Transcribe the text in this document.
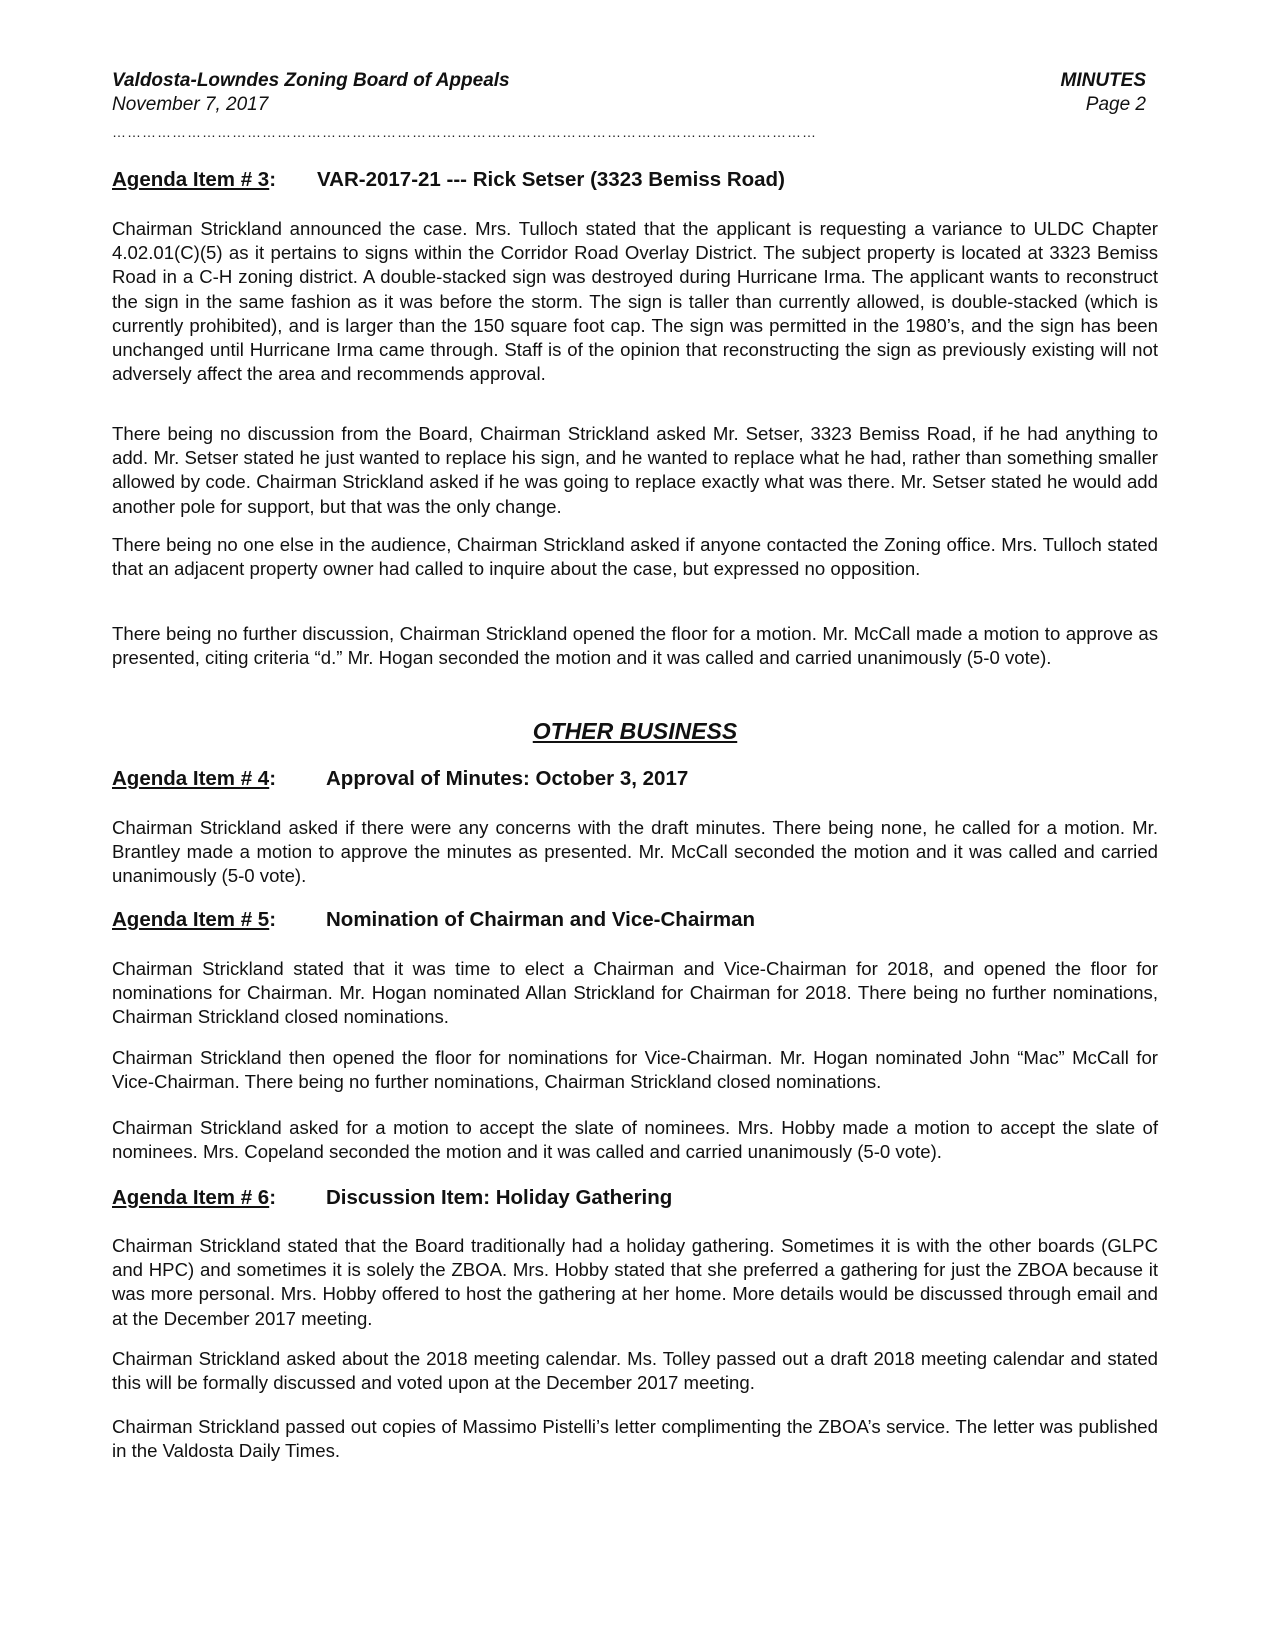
Valdosta-Lowndes Zoning Board of Appeals	MINUTES
November 7, 2017	Page 2
……………………………………………………………………………………………………………………………
Agenda Item # 3: VAR-2017-21 --- Rick Setser (3323 Bemiss Road)

Chairman Strickland announced the case. Mrs. Tulloch stated that the applicant is requesting a variance to ULDC Chapter 4.02.01(C)(5) as it pertains to signs within the Corridor Road Overlay District. The subject property is located at 3323 Bemiss Road in a C-H zoning district. A double-stacked sign was destroyed during Hurricane Irma. The applicant wants to reconstruct the sign in the same fashion as it was before the storm. The sign is taller than currently allowed, is double-stacked (which is currently prohibited), and is larger than the 150 square foot cap. The sign was permitted in the 1980’s, and the sign has been unchanged until Hurricane Irma came through. Staff is of the opinion that reconstructing the sign as previously existing will not adversely affect the area and recommends approval.

There being no discussion from the Board, Chairman Strickland asked Mr. Setser, 3323 Bemiss Road, if he had anything to add. Mr. Setser stated he just wanted to replace his sign, and he wanted to replace what he had, rather than something smaller allowed by code. Chairman Strickland asked if he was going to replace exactly what was there. Mr. Setser stated he would add another pole for support, but that was the only change.

There being no one else in the audience, Chairman Strickland asked if anyone contacted the Zoning office. Mrs. Tulloch stated that an adjacent property owner had called to inquire about the case, but expressed no opposition.

There being no further discussion, Chairman Strickland opened the floor for a motion. Mr. McCall made a motion to approve as presented, citing criteria “d.” Mr. Hogan seconded the motion and it was called and carried unanimously (5-0 vote).

OTHER BUSINESS
Agenda Item # 4: Approval of Minutes: October 3, 2017

Chairman Strickland asked if there were any concerns with the draft minutes. There being none, he called for a motion. Mr. Brantley made a motion to approve the minutes as presented. Mr. McCall seconded the motion and it was called and carried unanimously (5-0 vote).

Agenda Item # 5: Nomination of Chairman and Vice-Chairman

Chairman Strickland stated that it was time to elect a Chairman and Vice-Chairman for 2018, and opened the floor for nominations for Chairman. Mr. Hogan nominated Allan Strickland for Chairman for 2018. There being no further nominations, Chairman Strickland closed nominations.

Chairman Strickland then opened the floor for nominations for Vice-Chairman. Mr. Hogan nominated John “Mac” McCall for Vice-Chairman. There being no further nominations, Chairman Strickland closed nominations.

Chairman Strickland asked for a motion to accept the slate of nominees. Mrs. Hobby made a motion to accept the slate of nominees. Mrs. Copeland seconded the motion and it was called and carried unanimously (5-0 vote).

Agenda Item # 6: Discussion Item: Holiday Gathering

Chairman Strickland stated that the Board traditionally had a holiday gathering. Sometimes it is with the other boards (GLPC and HPC) and sometimes it is solely the ZBOA. Mrs. Hobby stated that she preferred a gathering for just the ZBOA because it was more personal. Mrs. Hobby offered to host the gathering at her home. More details would be discussed through email and at the December 2017 meeting.

Chairman Strickland asked about the 2018 meeting calendar. Ms. Tolley passed out a draft 2018 meeting calendar and stated this will be formally discussed and voted upon at the December 2017 meeting.

Chairman Strickland passed out copies of Massimo Pistelli’s letter complimenting the ZBOA’s service. The letter was published in the Valdosta Daily Times.
